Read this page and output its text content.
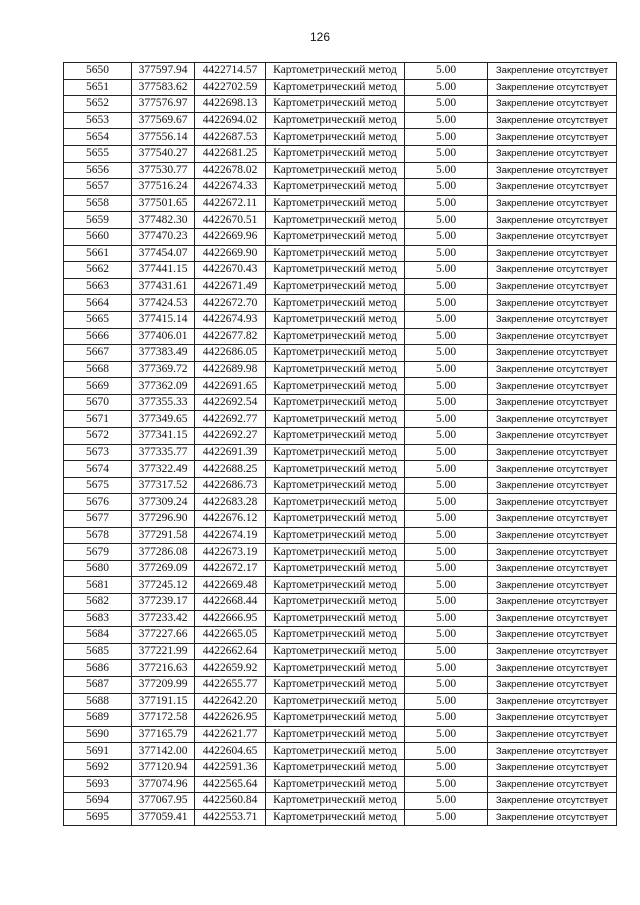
126
5650	377597.94	4422714.57	Картометрический метод	5.00	Закрепление отсутствует
5651	377583.62	4422702.59	Картометрический метод	5.00	Закрепление отсутствует
5652	377576.97	4422698.13	Картометрический метод	5.00	Закрепление отсутствует
5653	377569.67	4422694.02	Картометрический метод	5.00	Закрепление отсутствует
5654	377556.14	4422687.53	Картометрический метод	5.00	Закрепление отсутствует
5655	377540.27	4422681.25	Картометрический метод	5.00	Закрепление отсутствует
5656	377530.77	4422678.02	Картометрический метод	5.00	Закрепление отсутствует
5657	377516.24	4422674.33	Картометрический метод	5.00	Закрепление отсутствует
5658	377501.65	4422672.11	Картометрический метод	5.00	Закрепление отсутствует
5659	377482.30	4422670.51	Картометрический метод	5.00	Закрепление отсутствует
5660	377470.23	4422669.96	Картометрический метод	5.00	Закрепление отсутствует
5661	377454.07	4422669.90	Картометрический метод	5.00	Закрепление отсутствует
5662	377441.15	4422670.43	Картометрический метод	5.00	Закрепление отсутствует
5663	377431.61	4422671.49	Картометрический метод	5.00	Закрепление отсутствует
5664	377424.53	4422672.70	Картометрический метод	5.00	Закрепление отсутствует
5665	377415.14	4422674.93	Картометрический метод	5.00	Закрепление отсутствует
5666	377406.01	4422677.82	Картометрический метод	5.00	Закрепление отсутствует
5667	377383.49	4422686.05	Картометрический метод	5.00	Закрепление отсутствует
5668	377369.72	4422689.98	Картометрический метод	5.00	Закрепление отсутствует
5669	377362.09	4422691.65	Картометрический метод	5.00	Закрепление отсутствует
5670	377355.33	4422692.54	Картометрический метод	5.00	Закрепление отсутствует
5671	377349.65	4422692.77	Картометрический метод	5.00	Закрепление отсутствует
5672	377341.15	4422692.27	Картометрический метод	5.00	Закрепление отсутствует
5673	377335.77	4422691.39	Картометрический метод	5.00	Закрепление отсутствует
5674	377322.49	4422688.25	Картометрический метод	5.00	Закрепление отсутствует
5675	377317.52	4422686.73	Картометрический метод	5.00	Закрепление отсутствует
5676	377309.24	4422683.28	Картометрический метод	5.00	Закрепление отсутствует
5677	377296.90	4422676.12	Картометрический метод	5.00	Закрепление отсутствует
5678	377291.58	4422674.19	Картометрический метод	5.00	Закрепление отсутствует
5679	377286.08	4422673.19	Картометрический метод	5.00	Закрепление отсутствует
5680	377269.09	4422672.17	Картометрический метод	5.00	Закрепление отсутствует
5681	377245.12	4422669.48	Картометрический метод	5.00	Закрепление отсутствует
5682	377239.17	4422668.44	Картометрический метод	5.00	Закрепление отсутствует
5683	377233.42	4422666.95	Картометрический метод	5.00	Закрепление отсутствует
5684	377227.66	4422665.05	Картометрический метод	5.00	Закрепление отсутствует
5685	377221.99	4422662.64	Картометрический метод	5.00	Закрепление отсутствует
5686	377216.63	4422659.92	Картометрический метод	5.00	Закрепление отсутствует
5687	377209.99	4422655.77	Картометрический метод	5.00	Закрепление отсутствует
5688	377191.15	4422642.20	Картометрический метод	5.00	Закрепление отсутствует
5689	377172.58	4422626.95	Картометрический метод	5.00	Закрепление отсутствует
5690	377165.79	4422621.77	Картометрический метод	5.00	Закрепление отсутствует
5691	377142.00	4422604.65	Картометрический метод	5.00	Закрепление отсутствует
5692	377120.94	4422591.36	Картометрический метод	5.00	Закрепление отсутствует
5693	377074.96	4422565.64	Картометрический метод	5.00	Закрепление отсутствует
5694	377067.95	4422560.84	Картометрический метод	5.00	Закрепление отсутствует
5695	377059.41	4422553.71	Картометрический метод	5.00	Закрепление отсутствует
